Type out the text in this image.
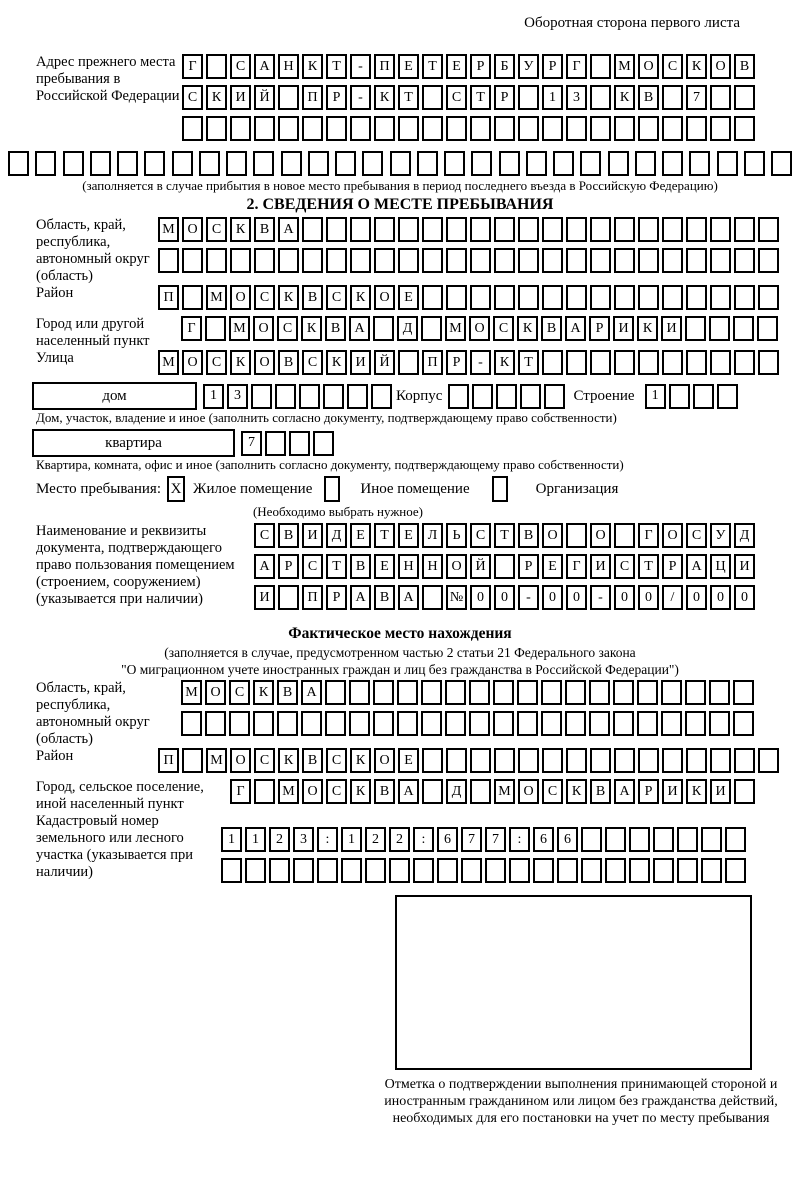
Оборотная сторона первого листа
Адрес прежнего места пребывания в Российской Федерации
Г	С	А Н	К	Т	-	П	Е	Т	Е	Р	Б	У	Р	Г	М О	С	К	О	В
С	К	И Й	П	Р	-	К	Т	С	Т	Р	1	3	К	В	7
(заполняется в случае прибытия в новое место пребывания в период последнего въезда в Российскую Федерацию)
2. СВЕДЕНИЯ О МЕСТЕ ПРЕБЫВАНИЯ
Область, край, республика, автономный округ (область)
М О	С	К	В	А
Район	П	М О	С	К	В	С	К	О	Е
Город или другой населенный пункт
Г	М О	С	К	В	А	Д	М О	С	К	В	А	Р	И	К	И
Улица	М О	С	К	О	В	С	К	И Й	П	Р	-	К	Т
дом	1	3	Корпус	Строение	1
Дом, участок, владение и иное (заполнить согласно документу, подтверждающему право собственности)
квартира	7
Квартира, комната, офис и иное (заполнить согласно документу, подтверждающему право собственности)
Место пребывания: X Жилое помещение	Иное помещение	Организация
(Необходимо выбрать нужное)
Наименование и реквизиты документа, подтверждающего право пользования помещением (строением, сооружением) (указывается при наличии)
С	В	И	Д	Е	Т	Е	Л	Ь	С	Т	В	О	О	Г	О	С	У	Д
А	Р	С	Т	В	Е	Н Н О Й	Р	Е	Г	И	С	Т	Р	А Ц И
И	П	Р	А	В	А	№ 0	0	-	0	0	-	0	0	/	0	0	0
Фактическое место нахождения
(заполняется в случае, предусмотренном частью 2 статьи 21 Федерального закона
"О миграционном учете иностранных граждан и лиц без гражданства в Российской Федерации")
Область, край, республика, автономный округ (область)
М О	С	К	В	А
Район	П	М О	С	К	В	С	К	О	Е
Город, сельское поселение, иной населенный пункт
Г	М О	С	К	В	А	Д	М О	С	К	В	А	Р	И	К	И
Кадастровый номер земельного или лесного участка (указывается при наличии)
1	1	2	3	:	1	2	2	:	6	7	7	:	6	6
Отметка о подтверждении выполнения принимающей стороной и иностранным гражданином или лицом без гражданства действий, необходимых для его постановки на учет по месту пребывания
